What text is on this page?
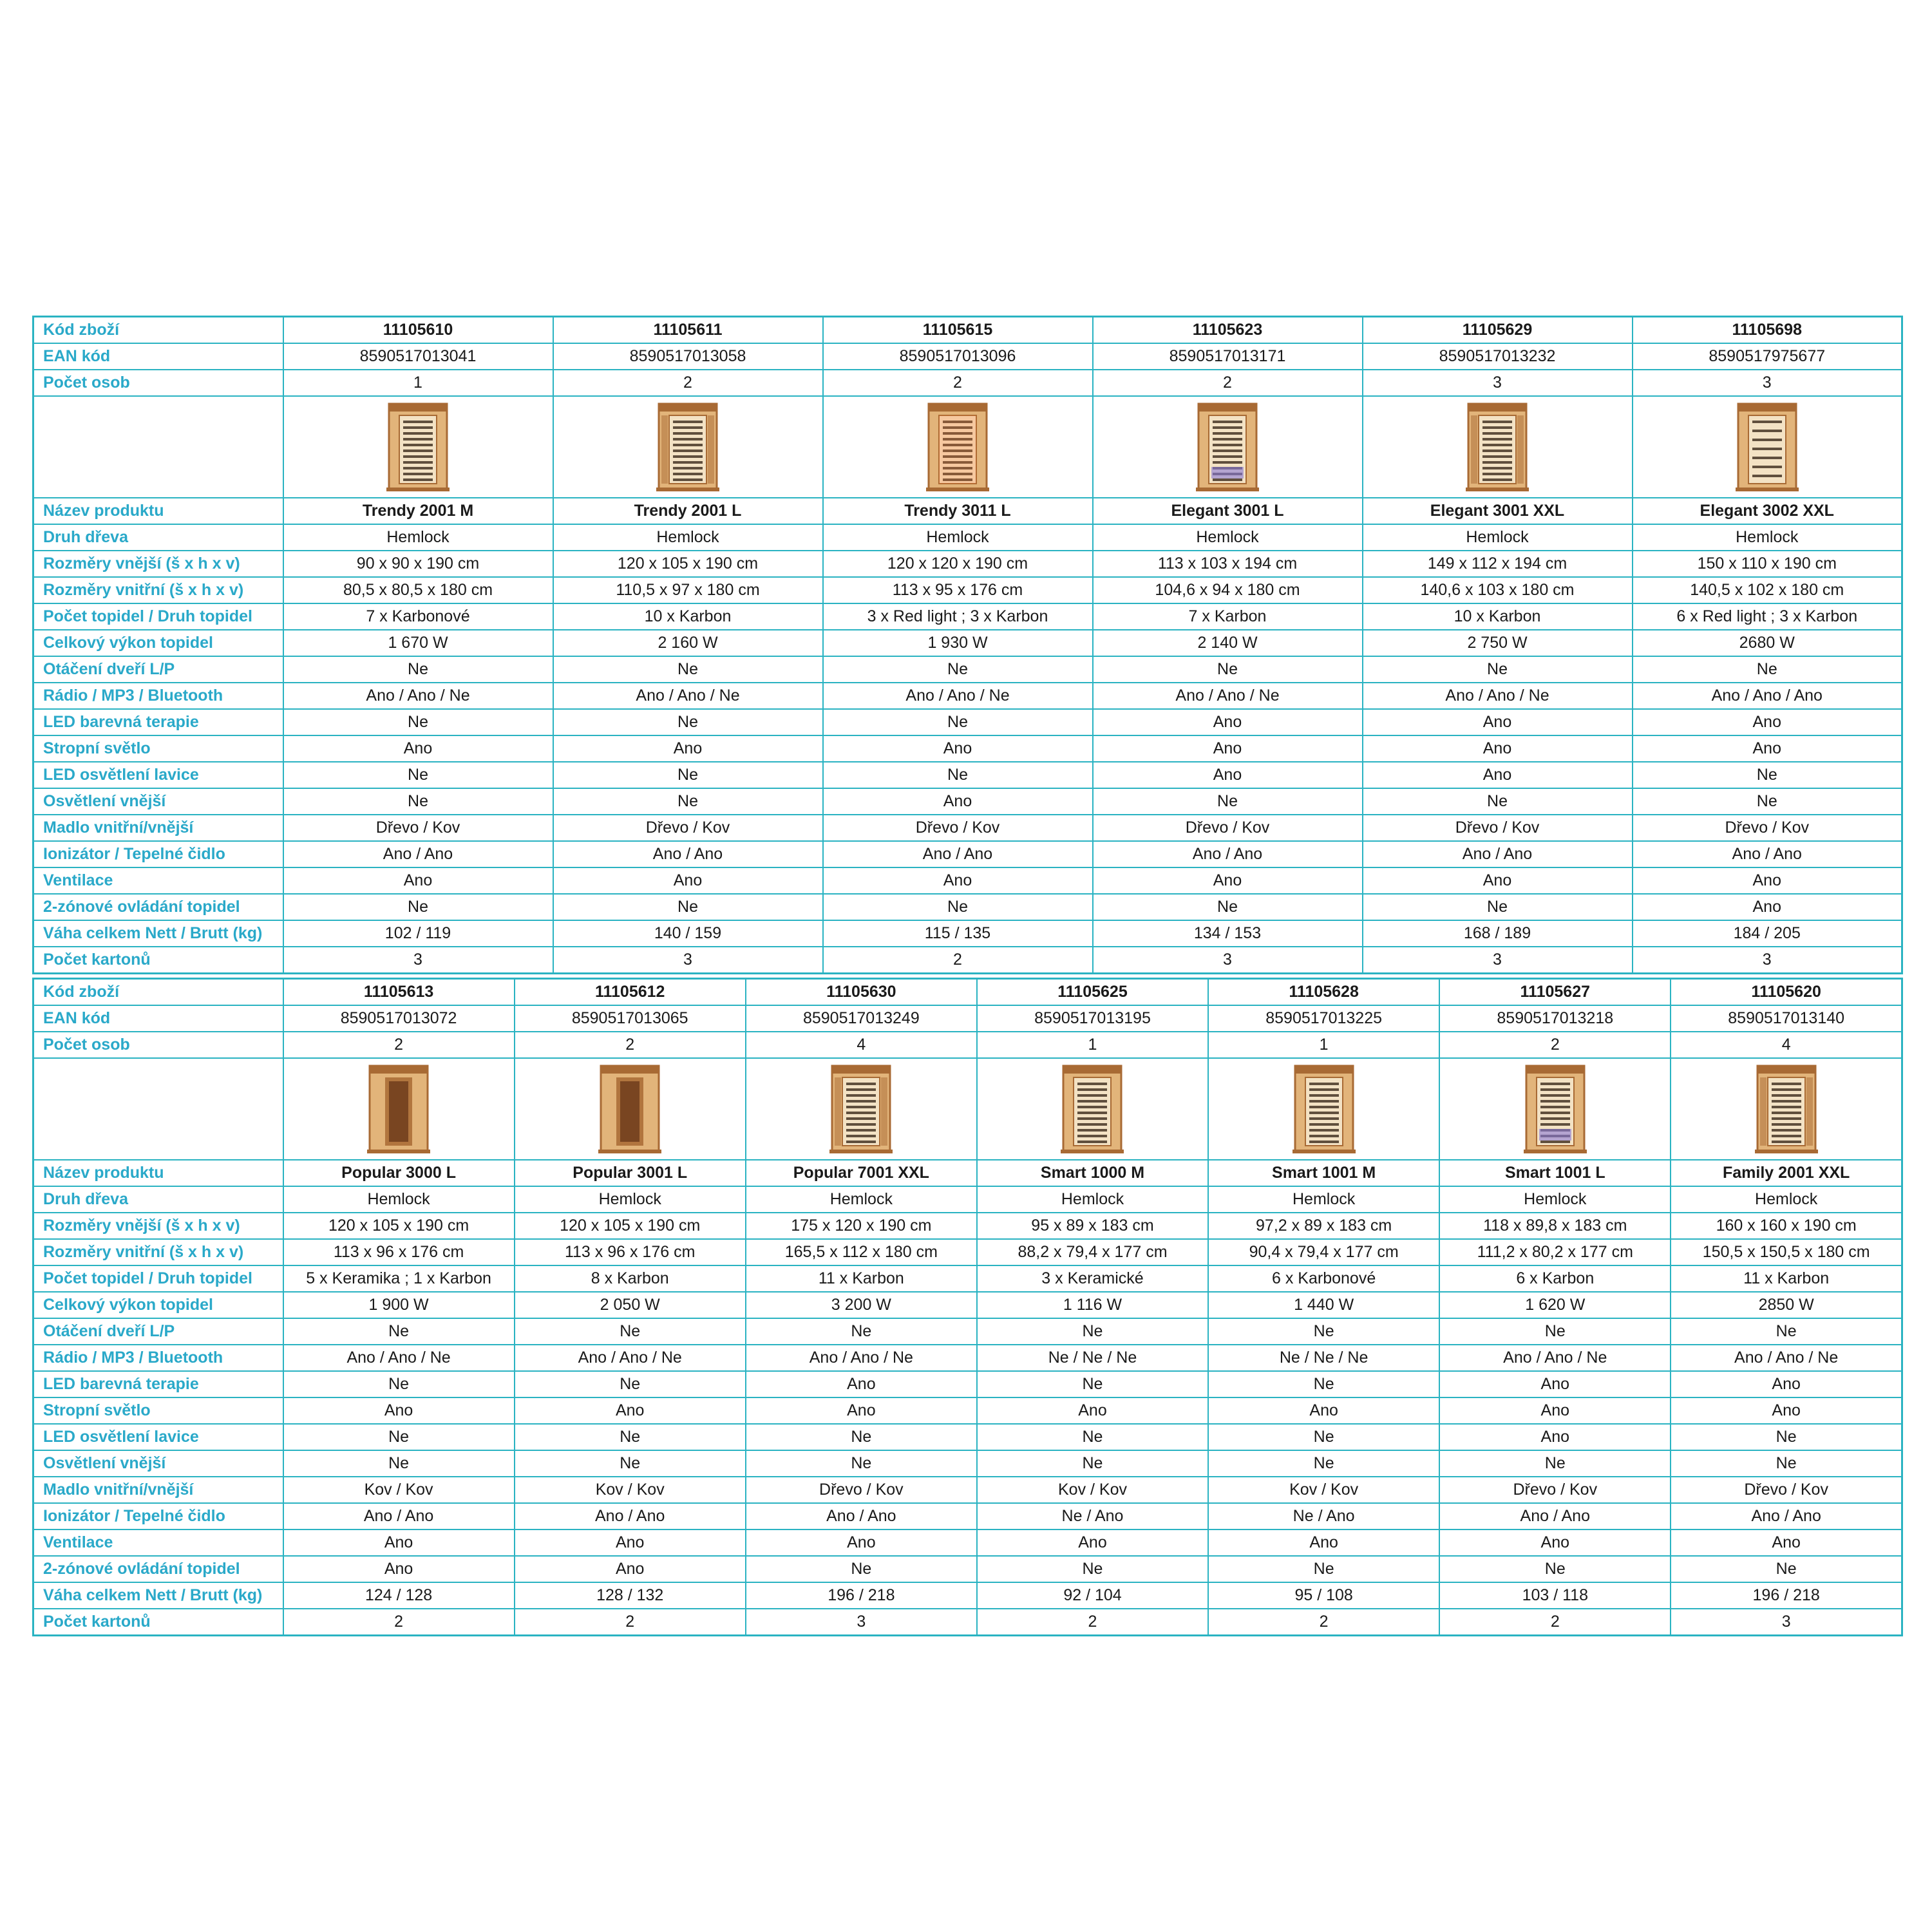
Kód zboží	11105610	11105611	11105615	11105623	11105629	11105698
EAN kód	8590517013041	8590517013058	8590517013096	8590517013171	8590517013232	8590517975677
Počet osob	1	2	2	2	3	3

Název produktu	Trendy 2001 M	Trendy 2001 L	Trendy 3011 L	Elegant 3001 L	Elegant 3001 XXL	Elegant 3002 XXL
Druh dřeva	Hemlock	Hemlock	Hemlock	Hemlock	Hemlock	Hemlock
Rozměry vnější (š x h x v)	90 x 90 x 190 cm	120 x 105 x 190 cm	120 x 120 x 190 cm	113 x 103 x 194 cm	149 x 112 x 194 cm	150 x 110 x 190 cm
Rozměry vnitřní (š x h x v)	80,5 x 80,5 x 180 cm	110,5 x 97 x 180 cm	113 x 95 x 176 cm	104,6 x 94 x 180 cm	140,6 x 103 x 180 cm	140,5 x 102 x 180 cm
Počet topidel / Druh topidel	7 x Karbonové	10 x Karbon	3 x Red light ; 3 x Karbon	7 x Karbon	10 x Karbon	6 x Red light ; 3 x Karbon
Celkový výkon topidel	1 670 W	2 160 W	1 930 W	2 140 W	2 750 W	2680 W
Otáčení dveří L/P	Ne	Ne	Ne	Ne	Ne	Ne
Rádio / MP3 / Bluetooth	Ano / Ano / Ne	Ano / Ano / Ne	Ano / Ano / Ne	Ano / Ano / Ne	Ano / Ano / Ne	Ano / Ano / Ano
LED barevná terapie	Ne	Ne	Ne	Ano	Ano	Ano
Stropní světlo	Ano	Ano	Ano	Ano	Ano	Ano
LED osvětlení lavice	Ne	Ne	Ne	Ano	Ano	Ne
Osvětlení vnější	Ne	Ne	Ano	Ne	Ne	Ne
Madlo vnitřní/vnější	Dřevo / Kov	Dřevo / Kov	Dřevo / Kov	Dřevo / Kov	Dřevo / Kov	Dřevo / Kov
Ionizátor / Tepelné čidlo	Ano / Ano	Ano / Ano	Ano / Ano	Ano / Ano	Ano / Ano	Ano / Ano
Ventilace	Ano	Ano	Ano	Ano	Ano	Ano
2-zónové ovládání topidel	Ne	Ne	Ne	Ne	Ne	Ano
Váha celkem Nett / Brutt (kg)	102 / 119	140 / 159	115 / 135	134 / 153	168 / 189	184 / 205
Počet kartonů	3	3	2	3	3	3
Kód zboží	11105613	11105612	11105630	11105625	11105628	11105627	11105620
EAN kód	8590517013072	8590517013065	8590517013249	8590517013195	8590517013225	8590517013218	8590517013140
Počet osob	2	2	4	1	1	2	4

Název produktu	Popular 3000 L	Popular 3001 L	Popular 7001 XXL	Smart 1000 M	Smart 1001 M	Smart 1001 L	Family 2001 XXL
Druh dřeva	Hemlock	Hemlock	Hemlock	Hemlock	Hemlock	Hemlock	Hemlock
Rozměry vnější (š x h x v)	120 x 105 x 190 cm	120 x 105 x 190 cm	175 x 120 x 190 cm	95 x 89 x 183 cm	97,2 x 89 x 183 cm	118 x 89,8 x 183 cm	160 x 160 x 190 cm
Rozměry vnitřní (š x h x v)	113 x 96 x 176 cm	113 x 96 x 176 cm	165,5 x 112 x 180 cm	88,2 x 79,4 x 177 cm	90,4 x 79,4 x 177 cm	111,2 x 80,2 x 177 cm	150,5 x 150,5 x 180 cm
Počet topidel / Druh topidel	5 x Keramika ; 1 x Karbon	8 x Karbon	11 x Karbon	3 x Keramické	6 x Karbonové	6 x Karbon	11 x Karbon
Celkový výkon topidel	1 900 W	2 050 W	3 200 W	1 116 W	1 440 W	1 620 W	2850 W
Otáčení dveří L/P	Ne	Ne	Ne	Ne	Ne	Ne	Ne
Rádio / MP3 / Bluetooth	Ano / Ano / Ne	Ano / Ano / Ne	Ano / Ano / Ne	Ne / Ne / Ne	Ne / Ne / Ne	Ano / Ano / Ne	Ano / Ano / Ne
LED barevná terapie	Ne	Ne	Ano	Ne	Ne	Ano	Ano
Stropní světlo	Ano	Ano	Ano	Ano	Ano	Ano	Ano
LED osvětlení lavice	Ne	Ne	Ne	Ne	Ne	Ano	Ne
Osvětlení vnější	Ne	Ne	Ne	Ne	Ne	Ne	Ne
Madlo vnitřní/vnější	Kov / Kov	Kov / Kov	Dřevo / Kov	Kov / Kov	Kov / Kov	Dřevo / Kov	Dřevo / Kov
Ionizátor / Tepelné čidlo	Ano / Ano	Ano / Ano	Ano / Ano	Ne / Ano	Ne / Ano	Ano / Ano	Ano / Ano
Ventilace	Ano	Ano	Ano	Ano	Ano	Ano	Ano
2-zónové ovládání topidel	Ano	Ano	Ne	Ne	Ne	Ne	Ne
Váha celkem Nett / Brutt (kg)	124 / 128	128 / 132	196 / 218	92 / 104	95 / 108	103 / 118	196 / 218
Počet kartonů	2	2	3	2	2	2	3
